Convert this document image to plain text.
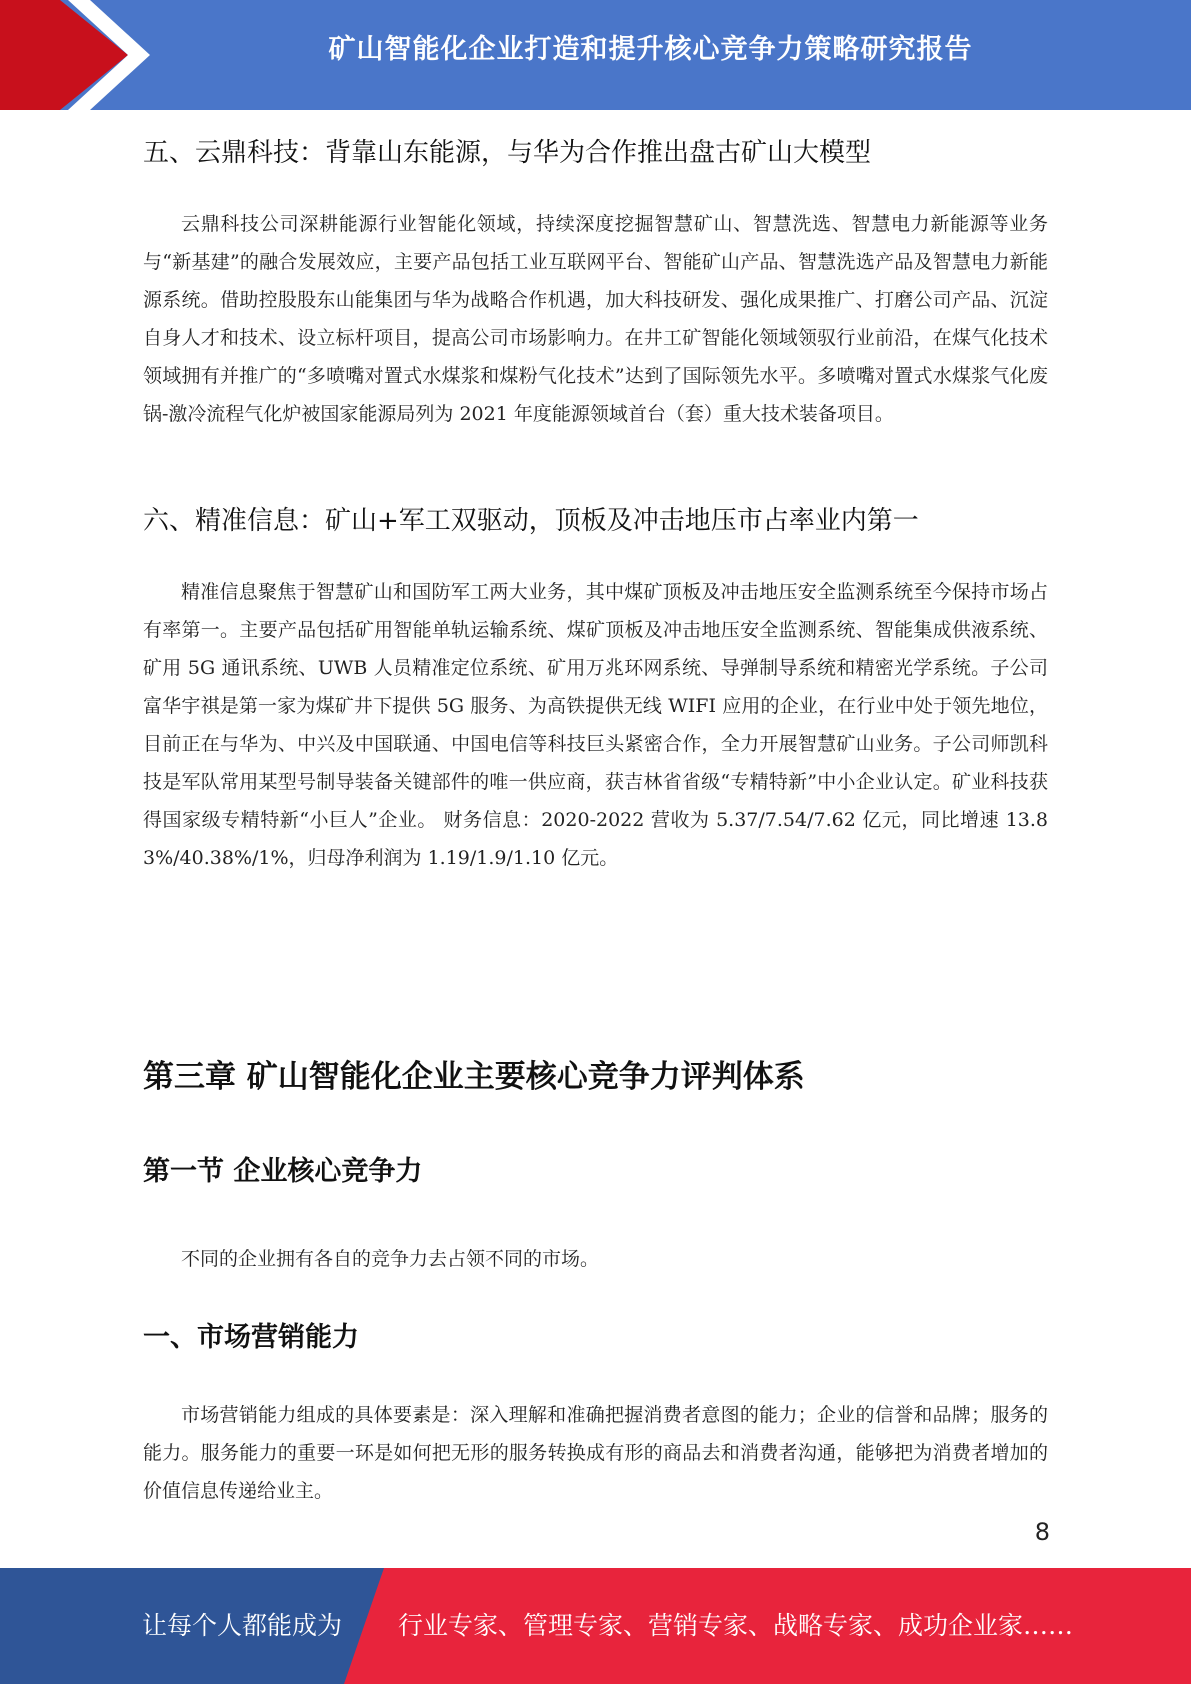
矿山智能化企业打造和提升核心竞争力策略研究报告
五、云鼎科技：背靠山东能源，与华为合作推出盘古矿山大模型

云鼎科技公司深耕能源行业智能化领域，持续深度挖掘智慧矿山、智慧洗选、智慧电力新能源等业务与“新基建”的融合发展效应，主要产品包括工业互联网平台、智能矿山产品、智慧洗选产品及智慧电力新能源系统。借助控股股东山能集团与华为战略合作机遇，加大科技研发、强化成果推广、打磨公司产品、沉淀自身人才和技术、设立标杆项目，提高公司市场影响力。在井工矿智能化领域领驭行业前沿，在煤气化技术领域拥有并推广的“多喷嘴对置式水煤浆和煤粉气化技术”达到了国际领先水平。多喷嘴对置式水煤浆气化废锅-激冷流程气化炉被国家能源局列为 2021 年度能源领域首台（套）重大技术装备项目。

六、精准信息：矿山+军工双驱动，顶板及冲击地压市占率业内第一

精准信息聚焦于智慧矿山和国防军工两大业务，其中煤矿顶板及冲击地压安全监测系统至今保持市场占有率第一。主要产品包括矿用智能单轨运输系统、煤矿顶板及冲击地压安全监测系统、智能集成供液系统、矿用 5G 通讯系统、UWB 人员精准定位系统、矿用万兆环网系统、导弹制导系统和精密光学系统。子公司富华宇祺是第一家为煤矿井下提供 5G 服务、为高铁提供无线 WIFI 应用的企业，在行业中处于领先地位，目前正在与华为、中兴及中国联通、中国电信等科技巨头紧密合作，全力开展智慧矿山业务。子公司师凯科技是军队常用某型号制导装备关键部件的唯一供应商，获吉林省省级“专精特新”中小企业认定。矿业科技获得国家级专精特新“小巨人”企业。 财务信息：2020-2022 营收为 5.37/7.54/7.62 亿元，同比增速 13.83%/40.38%/1%，归母净利润为 1.19/1.9/1.10 亿元。

第三章 矿山智能化企业主要核心竞争力评判体系
第一节 企业核心竞争力

不同的企业拥有各自的竞争力去占领不同的市场。

一、市场营销能力

市场营销能力组成的具体要素是：深入理解和准确把握消费者意图的能力；企业的信誉和品牌；服务的能力。服务能力的重要一环是如何把无形的服务转换成有形的商品去和消费者沟通，能够把为消费者增加的价值信息传递给业主。

8
让每个人都能成为 行业专家、管理专家、营销专家、战略专家、成功企业家……
